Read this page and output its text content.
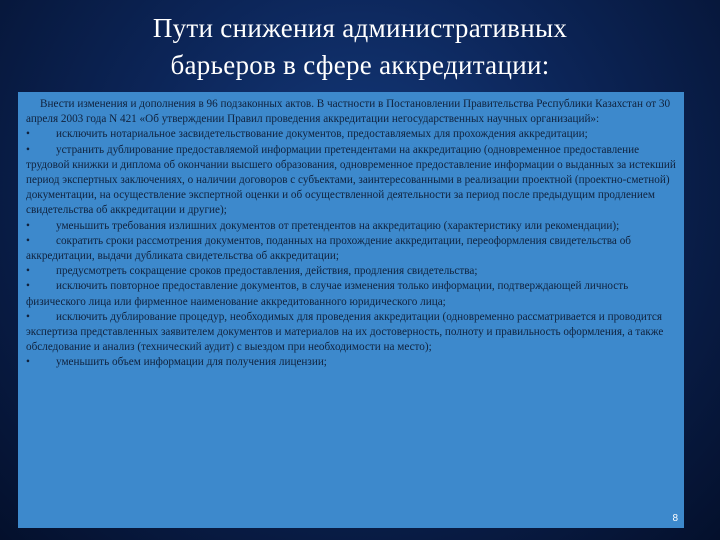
Пути снижения административных
барьеров в сфере аккредитации:

Внести изменения и дополнения в 96 подзаконных актов. В частности в Постановлении Правительства Республики Казахстан от 30 апреля 2003 года N 421 «Об утверждении Правил проведения аккредитации негосударственных научных организаций»:

• исключить нотариальное засвидетельствование документов, предоставляемых для прохождения аккредитации;

• устранить дублирование предоставляемой информации претендентами на аккредитацию (одновременное предоставление трудовой книжки и диплома об окончании высшего образования, одновременное предоставление информации о выданных за истекший период экспертных заключениях, о наличии договоров с субъектами, заинтересованными в реализации проектной (проектно-сметной) документации, на осуществление экспертной оценки и об осуществленной деятельности за период после предыдущим продлением свидетельства об аккредитации и другие);

• уменьшить требования излишних документов от претендентов на аккредитацию (характеристику или рекомендации);

• сократить сроки рассмотрения документов, поданных на прохождение аккредитации, переоформления свидетельства об аккредитации, выдачи дубликата свидетельства об аккредитации;

• предусмотреть сокращение сроков предоставления, действия, продления свидетельства;

• исключить повторное предоставление документов, в случае изменения только информации, подтверждающей личность физического лица или фирменное наименование аккредитованного юридического лица;

• исключить дублирование процедур, необходимых для проведения аккредитации (одновременно рассматривается и проводится экспертиза представленных заявителем документов и материалов на их достоверность, полноту и правильность оформления, а также обследование и анализ (технический аудит) с выездом при необходимости на место);

• уменьшить объем информации для получения лицензии;

8
